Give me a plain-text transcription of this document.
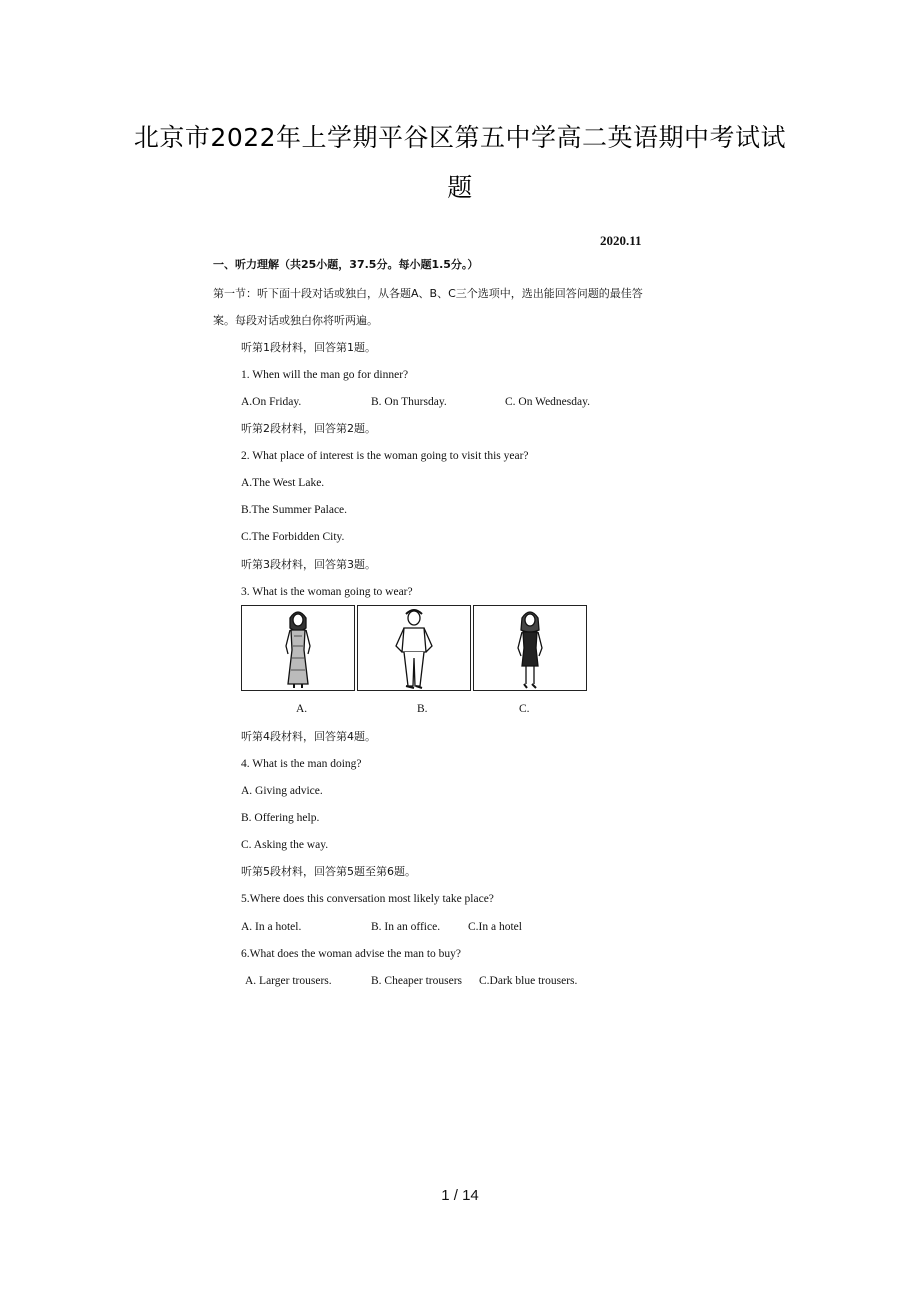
北京市2022年上学期平谷区第五中学高二英语期中考试试
题
2020.11
一、听力理解（共25小题，37.5分。每小题1.5分。）
第一节：听下面十段对话或独白，从各题A、B、C三个选项中，选出能回答问题的最佳答
案。每段对话或独白你将听两遍。
听第1段材料，回答第1题。
1. When will the man go for dinner?
A.On Friday.	B. On Thursday.	C. On Wednesday.
听第2段材料，回答第2题。
2. What place of interest is the woman going to visit this year?
A.The West Lake.
B.The Summer Palace.
C.The Forbidden City.
听第3段材料，回答第3题。
3. What is the woman going to wear?
A.	B.	C.
听第4段材料，回答第4题。
4. What is the man doing?
A. Giving advice.
B. Offering help.
C. Asking the way.
听第5段材料，回答第5题至第6题。
5.Where does this conversation most likely take place?
A. In a hotel.	B. In an office. C.In a hotel
6.What does the woman advise the man to buy?
A. Larger trousers.	B. Cheaper trousers C.Dark blue trousers.
1 / 14
